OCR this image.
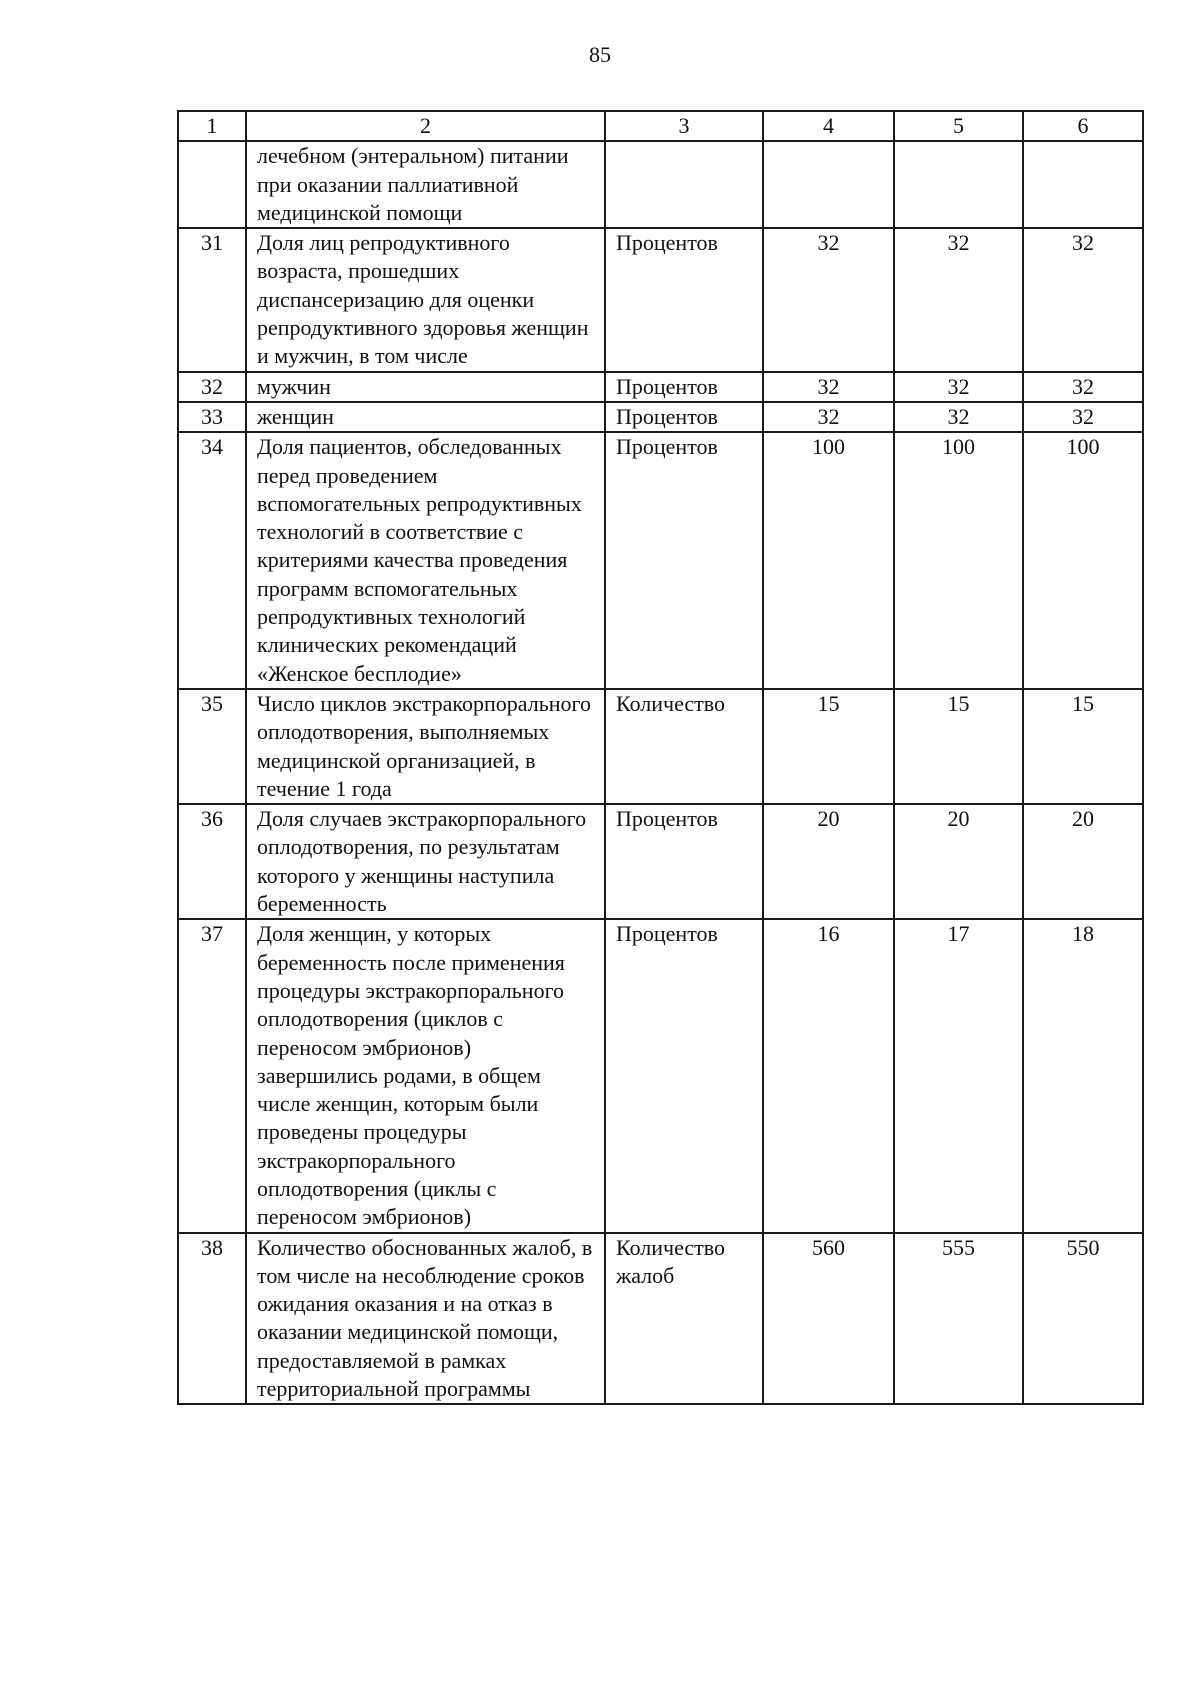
85
1	2	3	4	5	6
	лечебном (энтеральном) питании при оказании паллиативной медицинской помощи				
31	Доля лиц репродуктивного возраста, прошедших диспансеризацию для оценки репродуктивного здоровья женщин и мужчин, в том числе	Процентов	32	32	32
32	мужчин	Процентов	32	32	32
33	женщин	Процентов	32	32	32
34	Доля пациентов, обследованных перед проведением вспомогательных репродуктивных технологий в соответствие с критериями качества проведения программ вспомогательных репродуктивных технологий клинических рекомендаций «Женское бесплодие»	Процентов	100	100	100
35	Число циклов экстракорпорального оплодотворения, выполняемых медицинской организацией, в течение 1 года	Количество	15	15	15
36	Доля случаев экстракорпорального оплодотворения, по результатам которого у женщины наступила беременность	Процентов	20	20	20
37	Доля женщин, у которых беременность после применения процедуры экстракорпорального оплодотворения (циклов с переносом эмбрионов) завершились родами, в общем числе женщин, которым были проведены процедуры экстракорпорального оплодотворения (циклы с переносом эмбрионов)	Процентов	16	17	18
38	Количество обоснованных жалоб, в том числе на несоблюдение сроков ожидания оказания и на отказ в оказании медицинской помощи, предоставляемой в рамках территориальной программы	Количество жалоб	560	555	550
